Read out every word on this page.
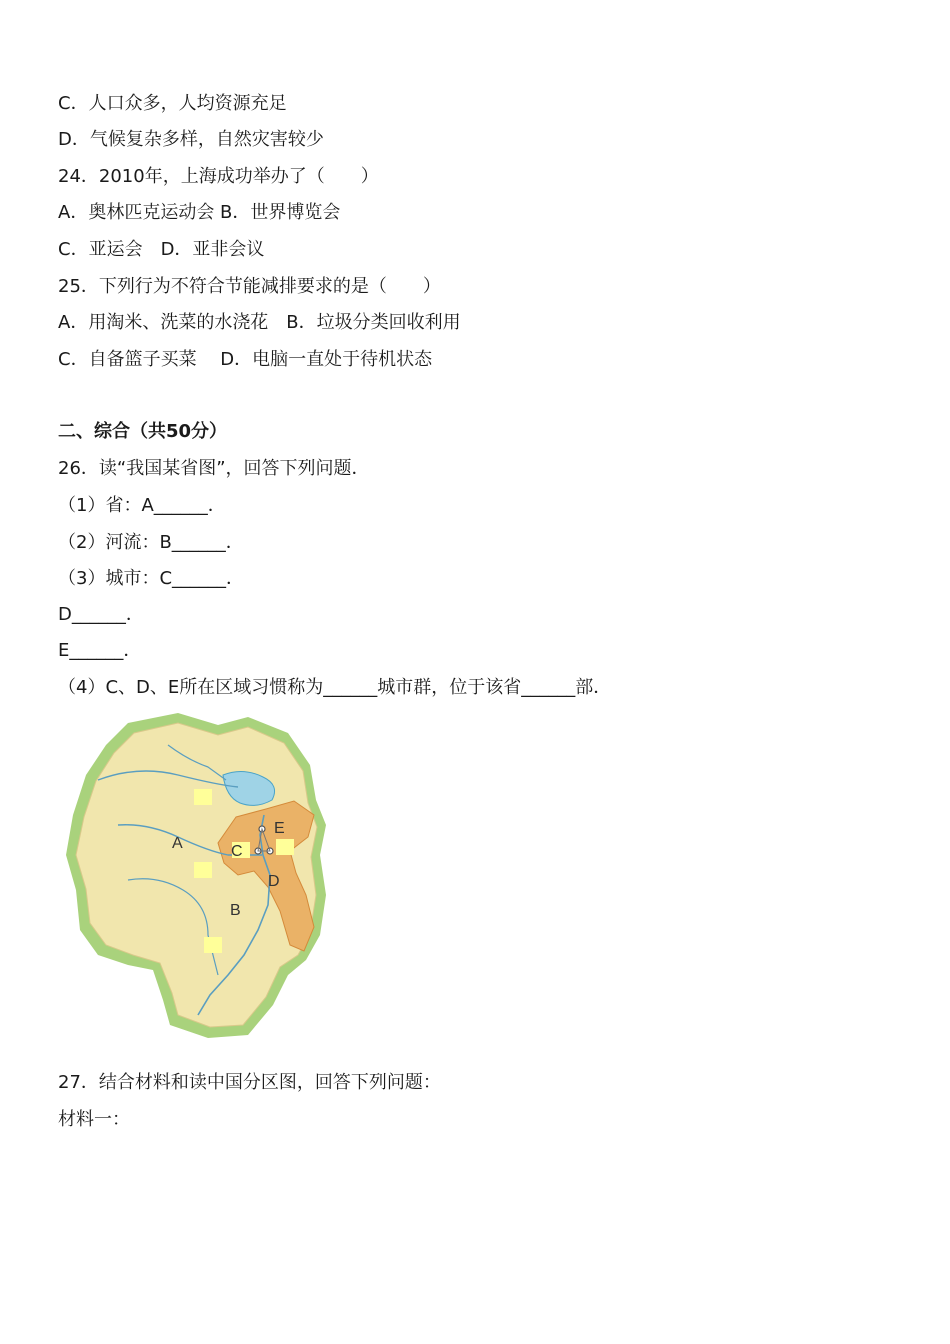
C．人口众多，人均资源充足
D．气候复杂多样，自然灾害较少
24．2010年，上海成功举办了（　　）
A．奥林匹克运动会 B．世界博览会
C．亚运会　D．亚非会议
25．下列行为不符合节能减排要求的是（　　）
A．用淘米、洗菜的水浇花　B．垃圾分类回收利用
C．自备篮子买菜　 D．电脑一直处于待机状态
二、综合（共50分）
26．读“我国某省图”，回答下列问题．
（1）省：A______．
（2）河流：B______．
（3）城市：C______．
D______．
E______．
（4）C、D、E所在区域习惯称为______城市群，位于该省______部．
A
B
C
D
E
27．结合材料和读中国分区图，回答下列问题：
材料一：
